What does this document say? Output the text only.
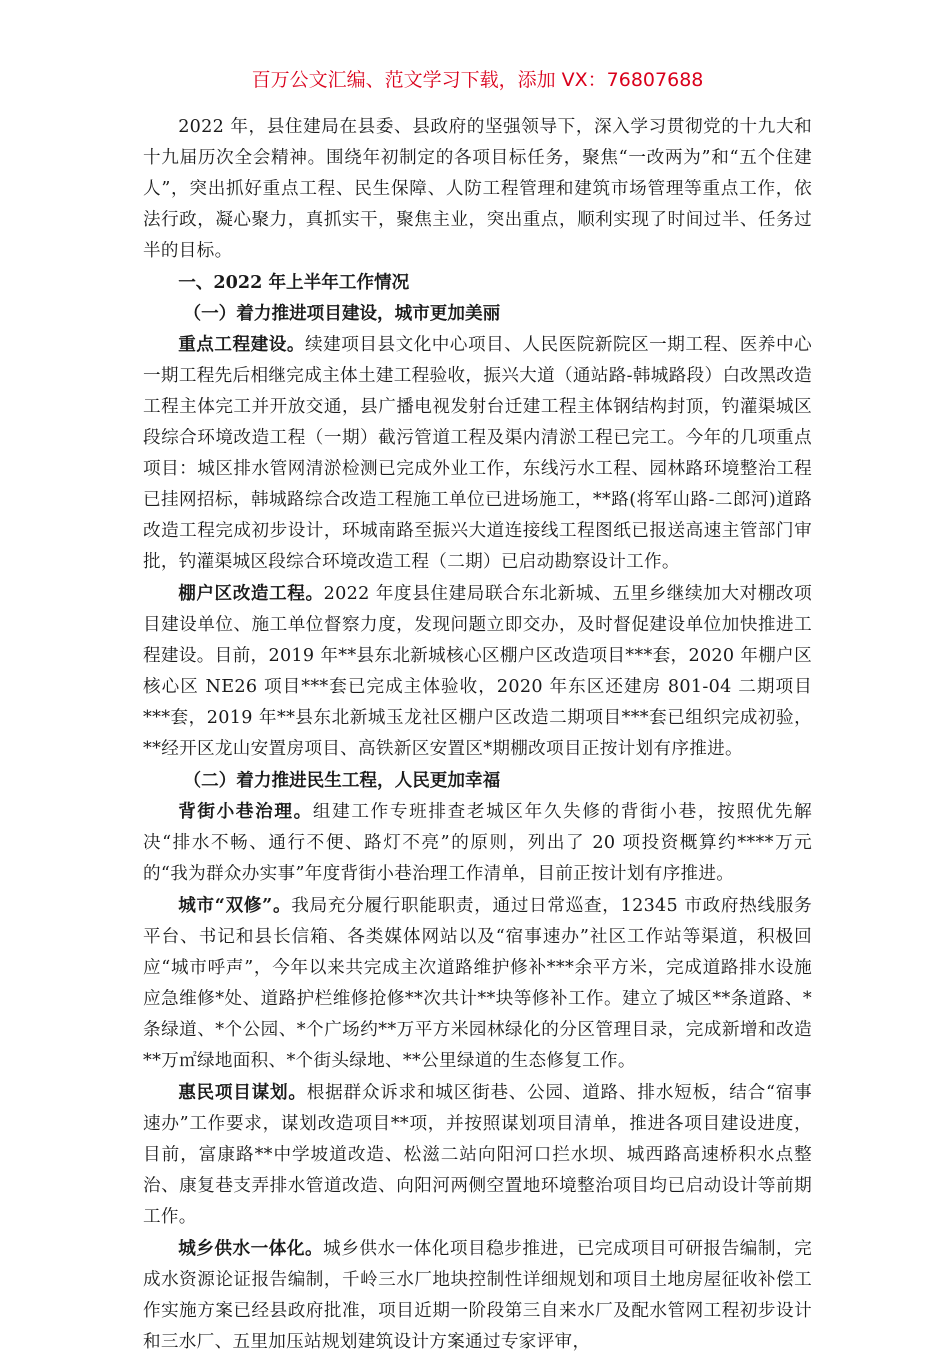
百万公文汇编、范文学习下载，添加 VX：76807688

2022 年，县住建局在县委、县政府的坚强领导下，深入学习贯彻党的十九大和十九届历次全会精神。围绕年初制定的各项目标任务，聚焦“一改两为”和“五个住建人”，突出抓好重点工程、民生保障、人防工程管理和建筑市场管理等重点工作，依法行政，凝心聚力，真抓实干，聚焦主业，突出重点，顺利实现了时间过半、任务过半的目标。

一、2022 年上半年工作情况

（一）着力推进项目建设，城市更加美丽

重点工程建设。续建项目县文化中心项目、人民医院新院区一期工程、医养中心一期工程先后相继完成主体土建工程验收，振兴大道（通站路-韩城路段）白改黑改造工程主体完工并开放交通，县广播电视发射台迁建工程主体钢结构封顶，钓灌渠城区段综合环境改造工程（一期）截污管道工程及渠内清淤工程已完工。今年的几项重点项目：城区排水管网清淤检测已完成外业工作，东线污水工程、园林路环境整治工程已挂网招标，韩城路综合改造工程施工单位已进场施工，**路(将军山路-二郎河)道路改造工程完成初步设计，环城南路至振兴大道连接线工程图纸已报送高速主管部门审批，钓灌渠城区段综合环境改造工程（二期）已启动勘察设计工作。

棚户区改造工程。2022 年度县住建局联合东北新城、五里乡继续加大对棚改项目建设单位、施工单位督察力度，发现问题立即交办，及时督促建设单位加快推进工程建设。目前，2019 年**县东北新城核心区棚户区改造项目***套，2020 年棚户区核心区 NE26 项目***套已完成主体验收，2020 年东区还建房 801-04 二期项目***套，2019 年**县东北新城玉龙社区棚户区改造二期项目***套已组织完成初验，**经开区龙山安置房项目、高铁新区安置区*期棚改项目正按计划有序推进。

（二）着力推进民生工程，人民更加幸福

背街小巷治理。组建工作专班排查老城区年久失修的背街小巷，按照优先解决“排水不畅、通行不便、路灯不亮”的原则，列出了 20 项投资概算约****万元的“我为群众办实事”年度背街小巷治理工作清单，目前正按计划有序推进。

城市“双修”。我局充分履行职能职责，通过日常巡查，12345 市政府热线服务平台、书记和县长信箱、各类媒体网站以及“宿事速办”社区工作站等渠道，积极回应“城市呼声”，今年以来共完成主次道路维护修补***余平方米，完成道路排水设施应急维修*处、道路护栏维修抢修**次共计**块等修补工作。建立了城区**条道路、*条绿道、*个公园、*个广场约**万平方米园林绿化的分区管理目录，完成新增和改造**万㎡绿地面积、*个街头绿地、**公里绿道的生态修复工作。

惠民项目谋划。根据群众诉求和城区街巷、公园、道路、排水短板，结合“宿事速办”工作要求，谋划改造项目**项，并按照谋划项目清单，推进各项目建设进度，目前，富康路**中学坡道改造、松滋二站向阳河口拦水坝、城西路高速桥积水点整治、康复巷支弄排水管道改造、向阳河两侧空置地环境整治项目均已启动设计等前期工作。

城乡供水一体化。城乡供水一体化项目稳步推进，已完成项目可研报告编制，完成水资源论证报告编制，千岭三水厂地块控制性详细规划和项目土地房屋征收补偿工作实施方案已经县政府批准，项目近期一阶段第三自来水厂及配水管网工程初步设计和三水厂、五里加压站规划建筑设计方案通过专家评审，
